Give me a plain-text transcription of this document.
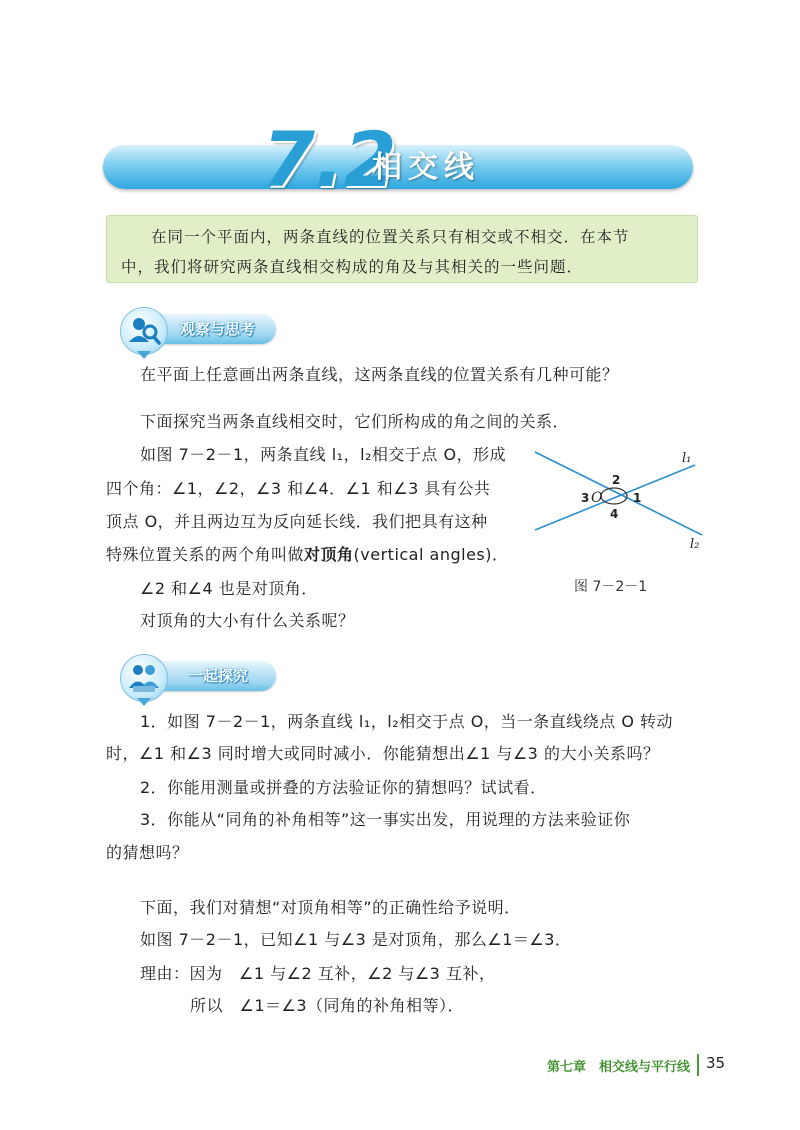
7.2
相交线
在同一个平面内，两条直线的位置关系只有相交或不相交．在本节
中，我们将研究两条直线相交构成的角及与其相关的一些问题．
观察与思考
在平面上任意画出两条直线，这两条直线的位置关系有几种可能？
下面探究当两条直线相交时，它们所构成的角之间的关系．
如图 7－2－1，两条直线 l₁，l₂相交于点 O，形成
四个角：∠1，∠2，∠3 和∠4．∠1 和∠3 具有公共
顶点 O，并且两边互为反向延长线．我们把具有这种
特殊位置关系的两个角叫做对顶角(vertical angles)．
∠2 和∠4 也是对顶角．
对顶角的大小有什么关系呢？
l₁
l₂
O	1
2
3
4
图 7－2－1
一起探究
1．如图 7－2－1，两条直线 l₁，l₂相交于点 O，当一条直线绕点 O 转动
时，∠1 和∠3 同时增大或同时减小．你能猜想出∠1 与∠3 的大小关系吗？
2．你能用测量或拼叠的方法验证你的猜想吗？试试看．
3．你能从“同角的补角相等”这一事实出发，用说理的方法来验证你
的猜想吗？
下面，我们对猜想“对顶角相等”的正确性给予说明．
如图 7－2－1，已知∠1 与∠3 是对顶角，那么∠1＝∠3．
理由：因为　∠1 与∠2 互补，∠2 与∠3 互补，
所以　∠1＝∠3（同角的补角相等）．
第七章　相交线与平行线 35
